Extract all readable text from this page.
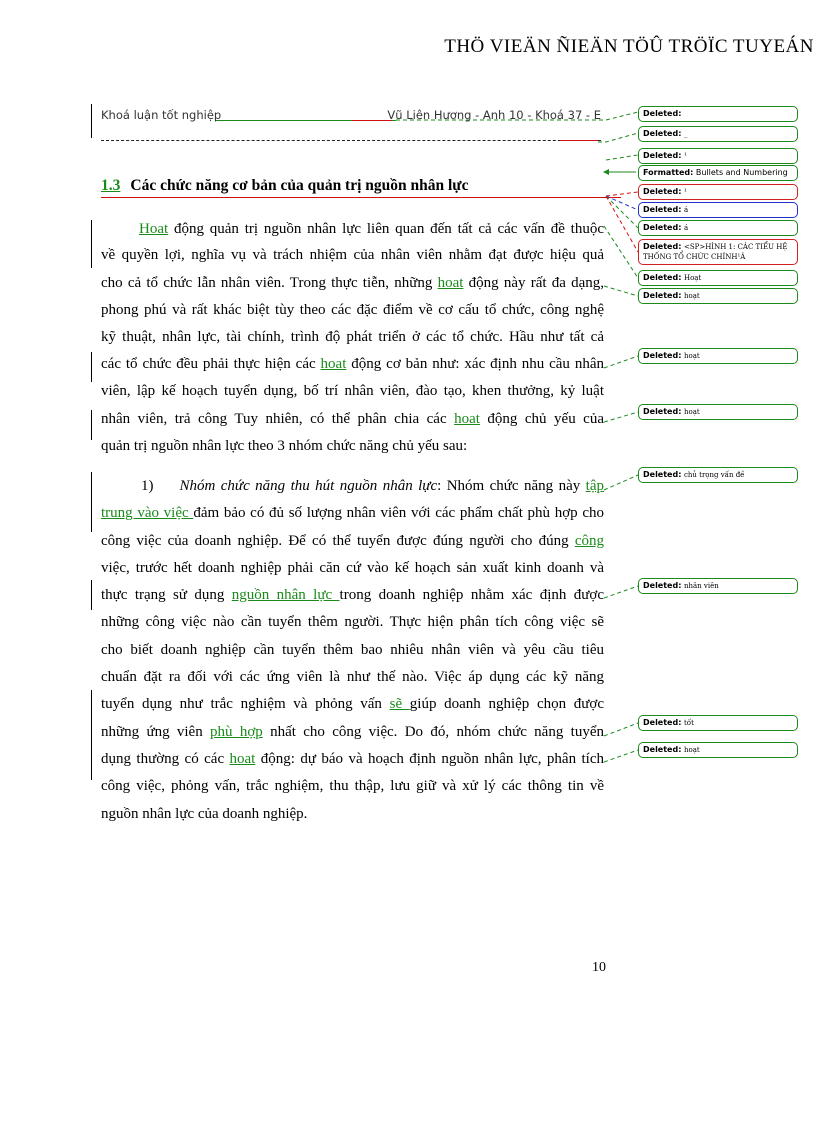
THÖ VIEÄN ÑIEÄN TÖÛ TRÖÏC TUYEÁN
Khoá luận tốt nghiệp	Vũ Liên Hương - Anh 10 - Khoá 37 - E
1.3 Các chức năng cơ bản của quản trị nguồn nhân lực
Hoat động quản trị nguồn nhân lực liên quan đến tất cả các vấn đề thuộc
về quyền lợi, nghĩa vụ và trách nhiệm của nhân viên nhằm đạt được hiệu quả
cho cả tổ chức lẫn nhân viên. Trong thực tiễn, những hoat động này rất đa dạng,
phong phú và rất khác biệt tùy theo các đặc điểm về cơ cấu tổ chức, công nghệ
kỹ thuật, nhân lực, tài chính, trình độ phát triển ở các tổ chức. Hầu như tất cả
các tổ chức đều phải thực hiện các hoat động cơ bản như: xác định nhu cầu nhân
viên, lập kế hoạch tuyển dụng, bố trí nhân viên, đào tạo, khen thưởng, kỷ luật
nhân viên, trả công Tuy nhiên, có thể phân chia các hoat động chủ yếu của
quản trị nguồn nhân lực theo 3 nhóm chức năng chủ yếu sau:
1) Nhóm chức năng thu hút nguồn nhân lực: Nhóm chức năng này tập
trung vào việc đảm bảo có đủ số lượng nhân viên với các phẩm chất phù hợp cho
công việc của doanh nghiệp. Để có thể tuyển được đúng người cho đúng công
việc, trước hết doanh nghiệp phải căn cứ vào kế hoạch sản xuất kinh doanh và
thực trạng sử dụng nguồn nhân lực trong doanh nghiệp nhằm xác định được
những công việc nào cần tuyển thêm người. Thực hiện phân tích công việc sẽ
cho biết doanh nghiệp cần tuyển thêm bao nhiêu nhân viên và yêu cầu tiêu
chuẩn đặt ra đối với các ứng viên là như thế nào. Việc áp dụng các kỹ năng
tuyển dụng như trắc nghiệm và phỏng vấn sẽ giúp doanh nghiệp chọn được
những ứng viên phù hợp nhất cho công việc. Do đó, nhóm chức năng tuyển
dụng thường có các hoat động: dự báo và hoạch định nguồn nhân lực, phân tích
công việc, phỏng vấn, trắc nghiệm, thu thập, lưu giữ và xử lý các thông tin về
nguồn nhân lực của doanh nghiệp.
Deleted:
Deleted: _
Deleted: ¹
Formatted: Bullets and Numbering
Deleted: ¹
Deleted: á
Deleted: á
Deleted: <SP>HÌNH 1: CÁC TIỂU HỆ THỐNG TỔ CHỨC CHÍNH¹Á
Deleted: Hoạt
Deleted: hoạt
Deleted: hoạt
Deleted: hoạt
Deleted: chủ trọng vấn đề
Deleted: nhân viên
Deleted: tốt
Deleted: hoạt
10
